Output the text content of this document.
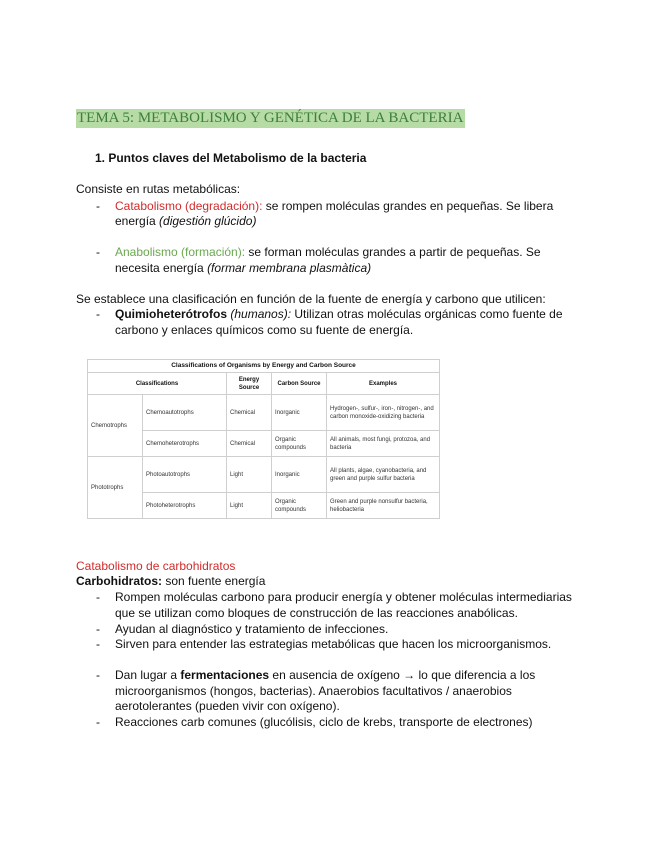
TEMA 5: METABOLISMO Y GENÉTICA DE LA BACTERIA
1. Puntos claves del Metabolismo de la bacteria
Consiste en rutas metabólicas:
-	Catabolismo (degradación): se rompen moléculas grandes en pequeñas. Se libera
energía (digestión glúcido)
-	Anabolismo (formación): se forman moléculas grandes a partir de pequeñas. Se
necesita energía (formar membrana plasmàtica)
Se establece una clasificación en función de la fuente de energía y carbono que utilicen:
-	Quimioheterótrofos (humanos): Utilizan otras moléculas orgánicas como fuente de
carbono y enlaces químicos como su fuente de energía.
Classifications of Organisms by Energy and Carbon Source				
Classifications		Energy Source	Carbon Source	Examples
Chemotrophs	Chemoautotrophs	Chemical	Inorganic	Hydrogen-, sulfur-, iron-, nitrogen-, and carbon monoxide-oxidizing bacteria
	Chemoheterotrophs	Chemical	Organic compounds	All animals, most fungi, protozoa, and bacteria
Phototrophs	Photoautotrophs	Light	Inorganic	All plants, algae, cyanobacteria, and green and purple sulfur bacteria
	Photoheterotrophs	Light	Organic compounds	Green and purple nonsulfur bacteria, heliobacteria
Catabolismo de carbohidratos
Carbohidratos: son fuente energía
-	Rompen moléculas carbono para producir energía y obtener moléculas intermediarias
que se utilizan como bloques de construcción de las reacciones anabólicas.
-	Ayudan al diagnóstico y tratamiento de infecciones.
-	Sirven para entender las estrategias metabólicas que hacen los microorganismos.
-	Dan lugar a fermentaciones en ausencia de oxígeno → lo que diferencia a los
microorganismos (hongos, bacterias). Anaerobios facultativos / anaerobios
aerotolerantes (pueden vivir con oxígeno).
-	Reacciones carb comunes (glucólisis, ciclo de krebs, transporte de electrones)
